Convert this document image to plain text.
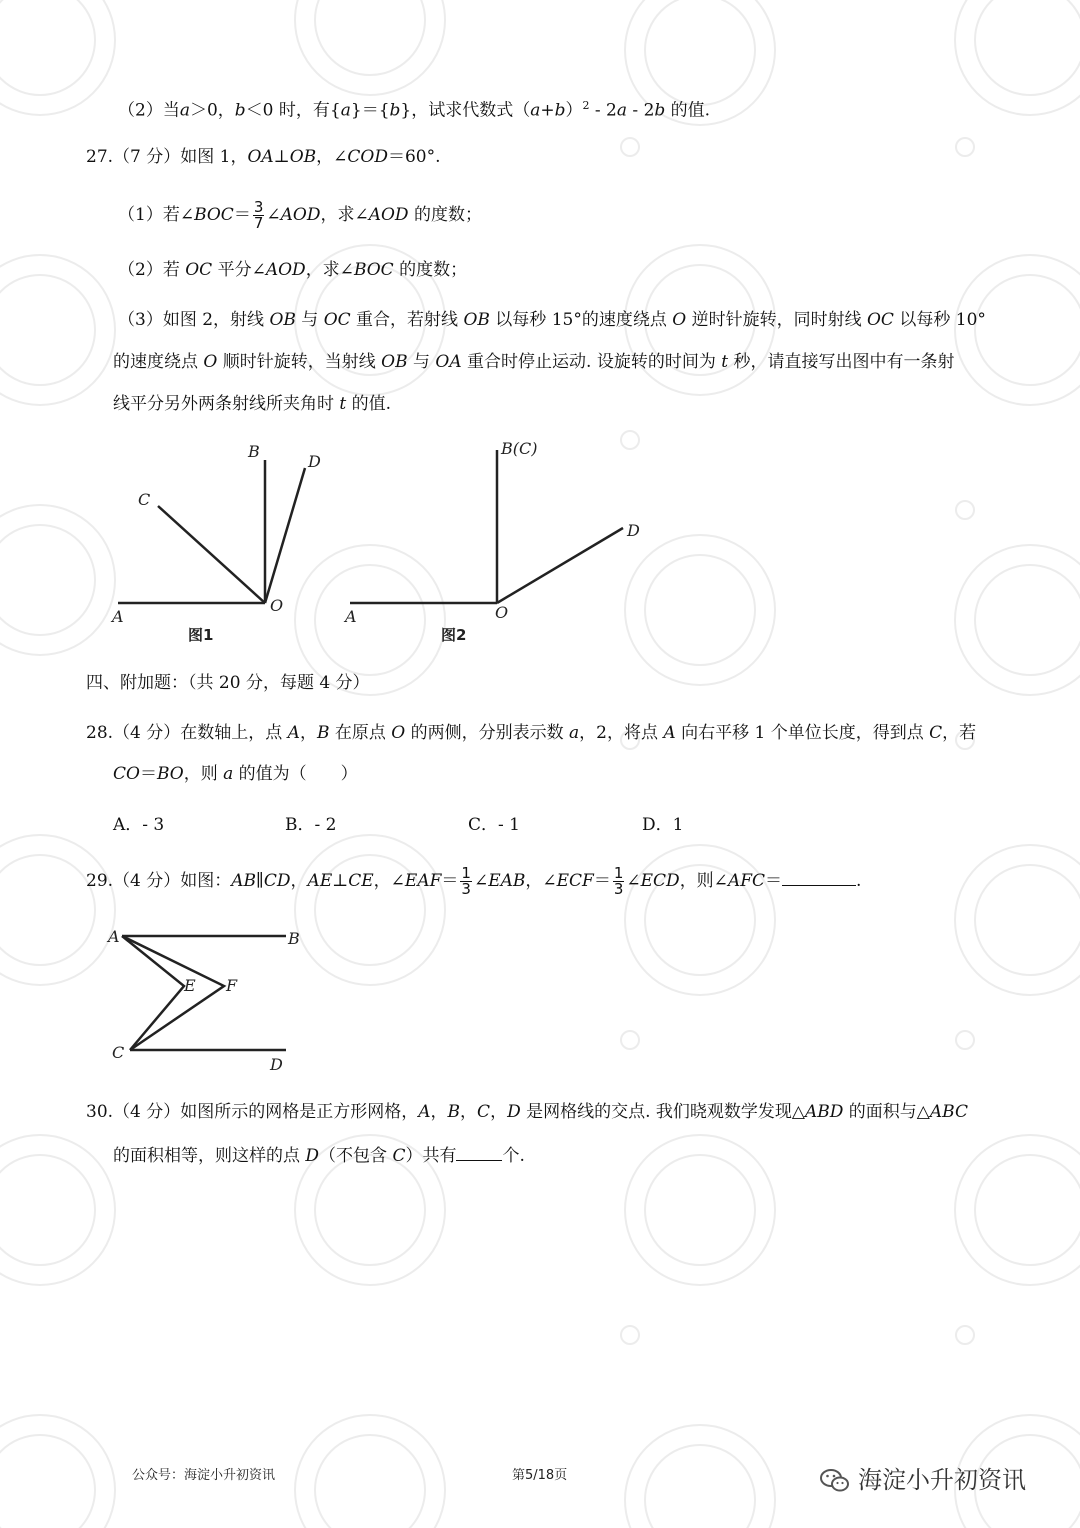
（2）当a＞0，b＜0 时，有{a}＝{b}，试求代数式$(a+b)^2 - 2a - 2b$ 的值.
27.（7 分）如图 1，OA⊥OB，∠COD＝60°.
（1）若∠BOC＝ $\frac{3}{7}$ ∠AOD，求∠AOD 的度数；
（2）若 OC 平分∠AOD，求∠BOC 的度数；
（3）如图 2，射线 OB 与 OC 重合，若射线 OB 以每秒 15°的速度绕点 O 逆时针旋转，同时射线 OC 以每秒 10°
的速度绕点 O 顺时针旋转，当射线 OB 与 OA 重合时停止运动. 设旋转的时间为 t 秒，请直接写出图中有一条射
线平分另外两条射线所夹角时 t 的值.
A
B
C
D
O
图1
A
B(C)
D
O
图2
四、附加题：（共 20 分，每题 4 分）
28.（4 分）在数轴上，点 A，B 在原点 O 的两侧，分别表示数 a，2，将点 A 向右平移 1 个单位长度，得到点 C，若
CO＝BO，则 a 的值为（　　）
A．- 3	B．- 2	C．- 1	D．1
29.（4 分）如图：AB∥CD，AE⊥CE，∠EAF＝ $\frac{1}{3}$ ∠EAB，∠ECF＝ $\frac{1}{3}$ ∠ECD，则∠AFC＝	.
A	B
E F
C
D
30.（4 分）如图所示的网格是正方形网格，A，B，C，D 是网格线的交点. 我们晓观数学发现△ABD 的面积与△ABC
的面积相等，则这样的点 D（不包含 C）共有	个.
公众号：海淀小升初资讯	第5/18页	海淀小升初资讯
